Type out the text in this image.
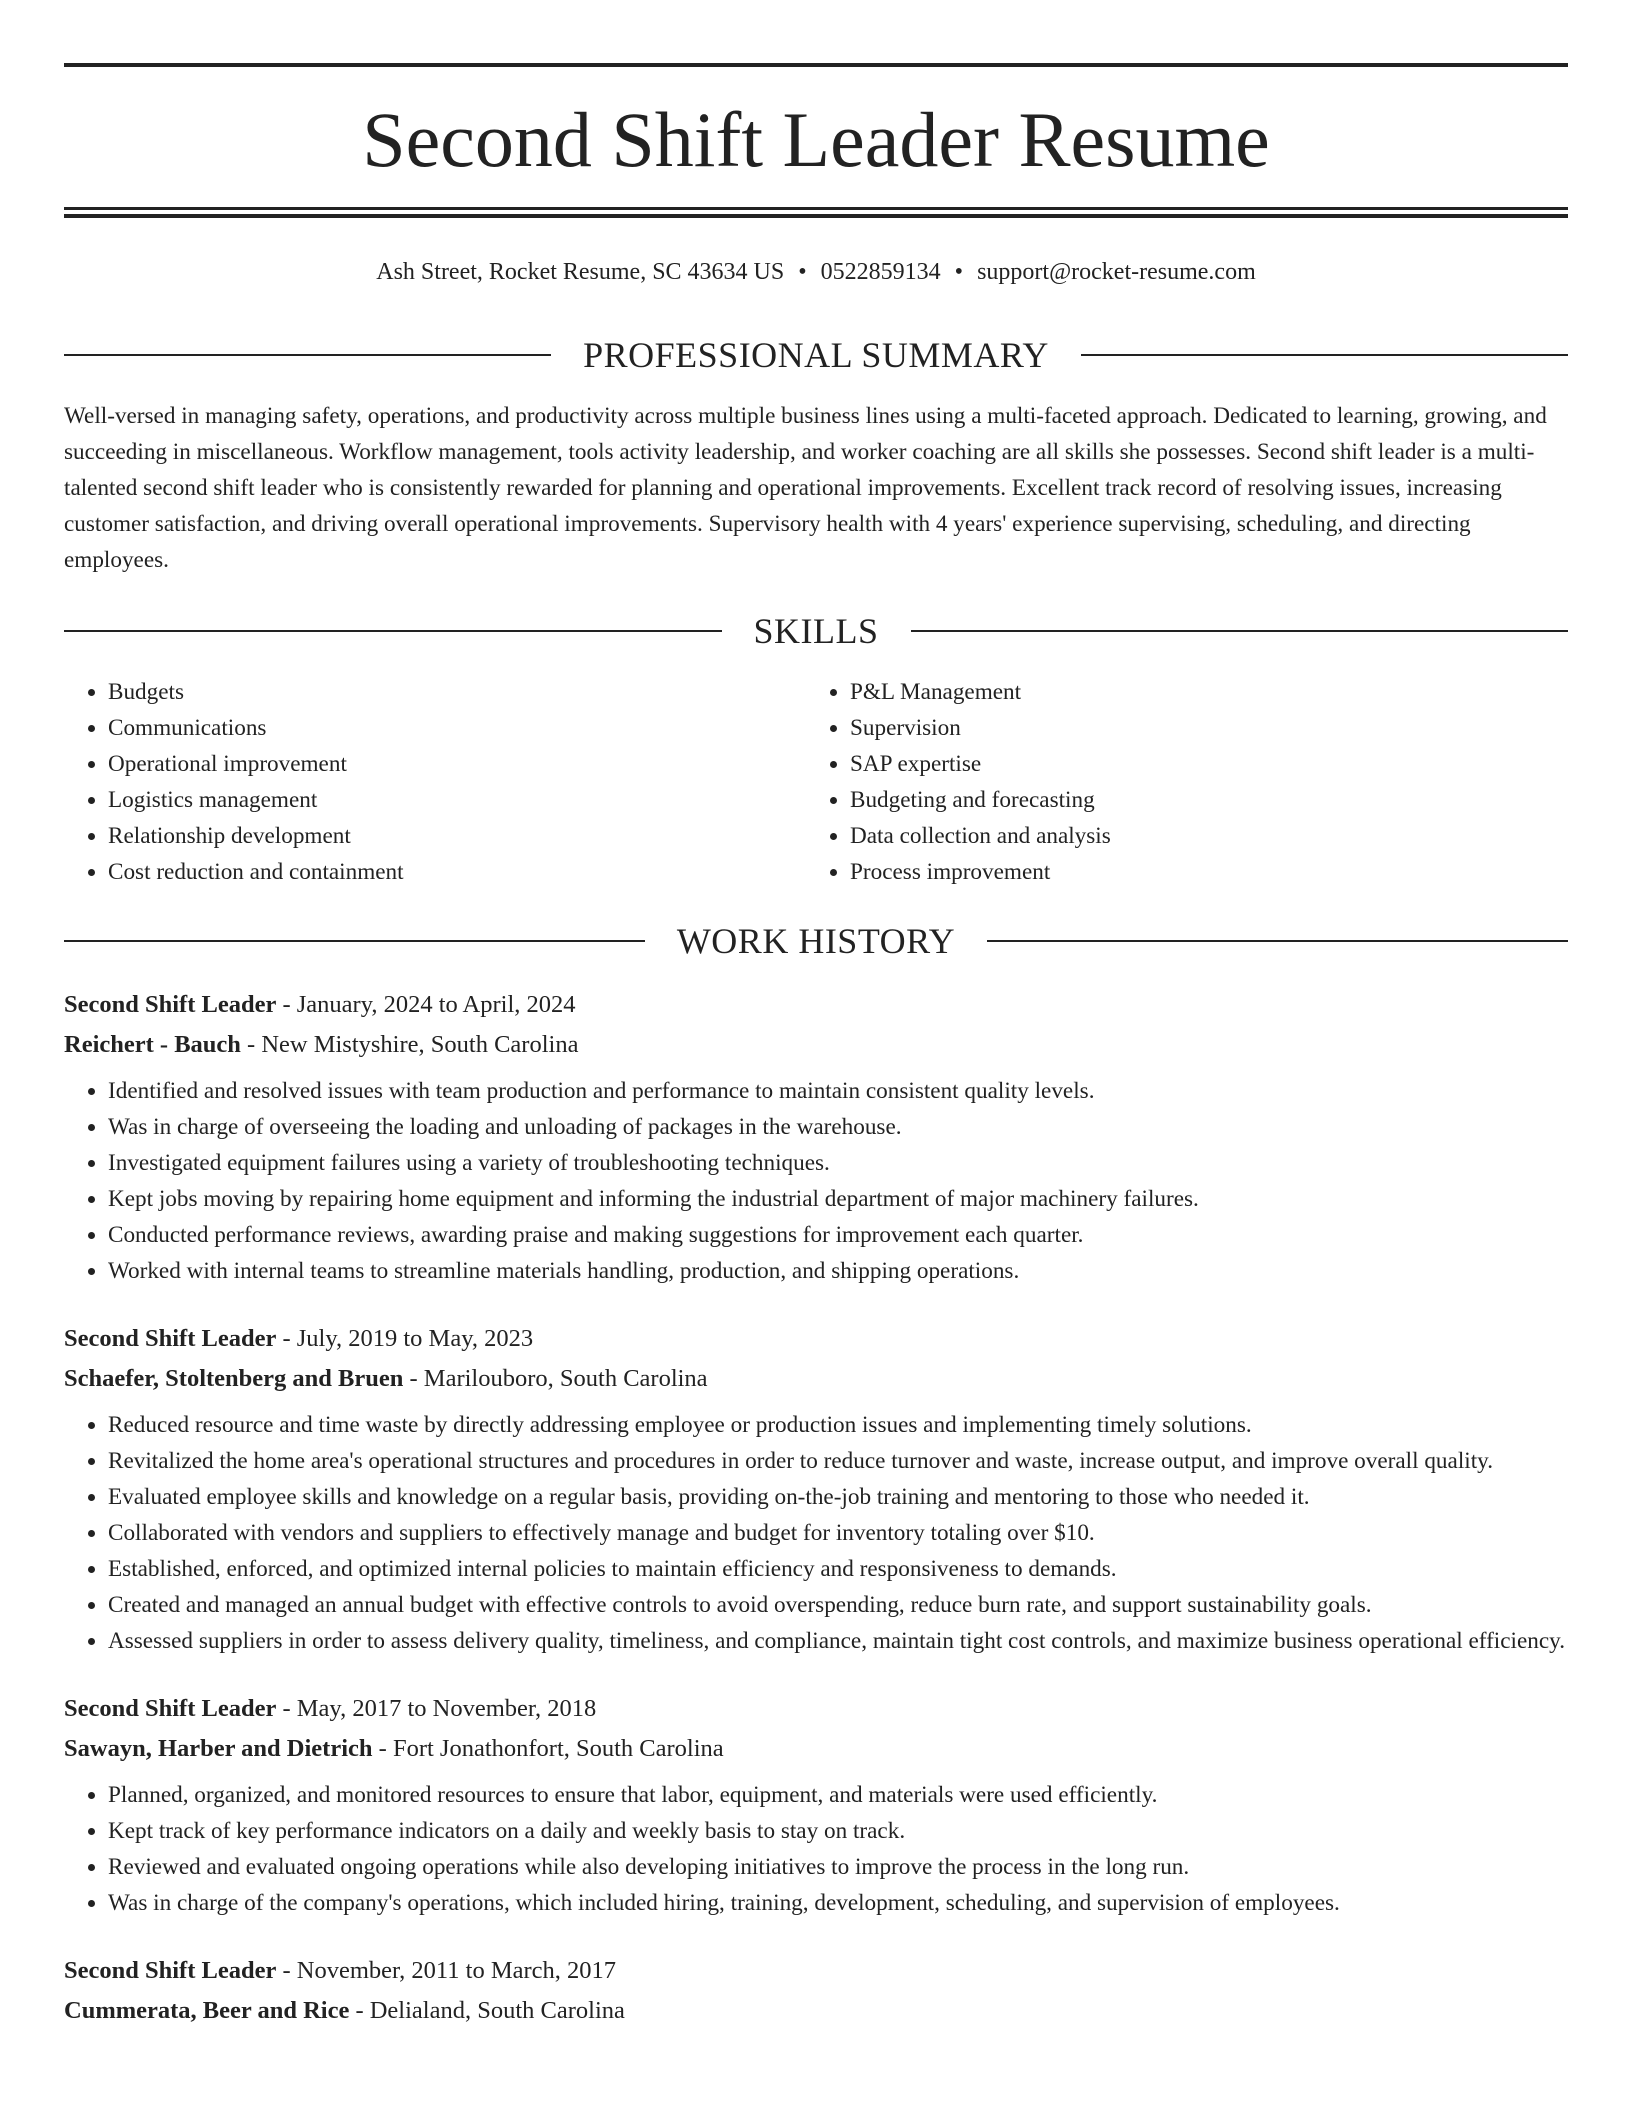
Second Shift Leader Resume
Ash Street, Rocket Resume, SC 43634 US • 0522859134 • support@rocket-resume.com
PROFESSIONAL SUMMARY

Well-versed in managing safety, operations, and productivity across multiple business lines using a multi-faceted approach. Dedicated to learning, growing, and succeeding in miscellaneous. Workflow management, tools activity leadership, and worker coaching are all skills she possesses. Second shift leader is a multi-talented second shift leader who is consistently rewarded for planning and operational improvements. Excellent track record of resolving issues, increasing customer satisfaction, and driving overall operational improvements. Supervisory health with 4 years' experience supervising, scheduling, and directing employees.

SKILLS
• Budgets
• Communications
• Operational improvement
• Logistics management
• Relationship development
• Cost reduction and containment
• P&L Management
• Supervision
• SAP expertise
• Budgeting and forecasting
• Data collection and analysis
• Process improvement
WORK HISTORY
Second Shift Leader - January, 2024 to April, 2024
Reichert - Bauch - New Mistyshire, South Carolina
• Identified and resolved issues with team production and performance to maintain consistent quality levels.
• Was in charge of overseeing the loading and unloading of packages in the warehouse.
• Investigated equipment failures using a variety of troubleshooting techniques.
• Kept jobs moving by repairing home equipment and informing the industrial department of major machinery failures.
• Conducted performance reviews, awarding praise and making suggestions for improvement each quarter.
• Worked with internal teams to streamline materials handling, production, and shipping operations.
Second Shift Leader - July, 2019 to May, 2023
Schaefer, Stoltenberg and Bruen - Marilouboro, South Carolina
• Reduced resource and time waste by directly addressing employee or production issues and implementing timely solutions.
• Revitalized the home area's operational structures and procedures in order to reduce turnover and waste, increase output, and improve overall quality.
• Evaluated employee skills and knowledge on a regular basis, providing on-the-job training and mentoring to those who needed it.
• Collaborated with vendors and suppliers to effectively manage and budget for inventory totaling over $10.
• Established, enforced, and optimized internal policies to maintain efficiency and responsiveness to demands.
• Created and managed an annual budget with effective controls to avoid overspending, reduce burn rate, and support sustainability goals.
• Assessed suppliers in order to assess delivery quality, timeliness, and compliance, maintain tight cost controls, and maximize business operational efficiency.
Second Shift Leader - May, 2017 to November, 2018
Sawayn, Harber and Dietrich - Fort Jonathonfort, South Carolina
• Planned, organized, and monitored resources to ensure that labor, equipment, and materials were used efficiently.
• Kept track of key performance indicators on a daily and weekly basis to stay on track.
• Reviewed and evaluated ongoing operations while also developing initiatives to improve the process in the long run.
• Was in charge of the company's operations, which included hiring, training, development, scheduling, and supervision of employees.
Second Shift Leader - November, 2011 to March, 2017
Cummerata, Beer and Rice - Delialand, South Carolina
